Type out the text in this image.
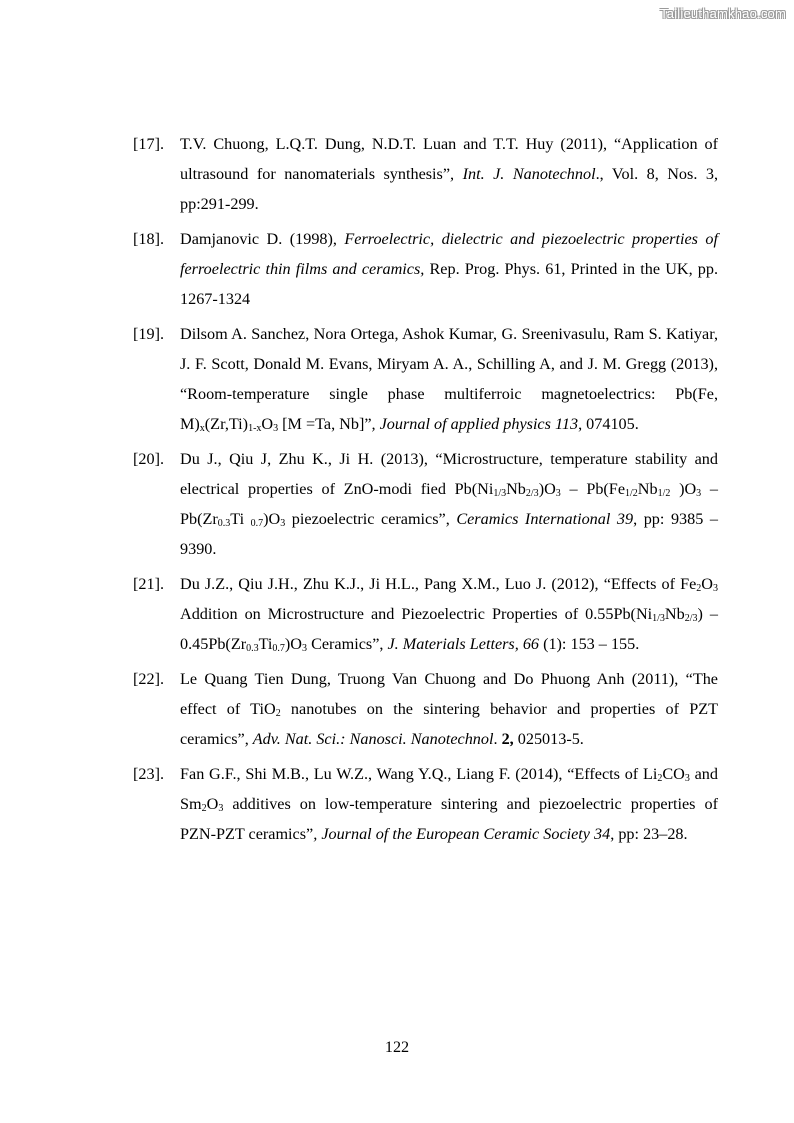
Tailieuthamkhao.com
[17]. T.V. Chuong, L.Q.T. Dung, N.D.T. Luan and T.T. Huy (2011), “Application of ultrasound for nanomaterials synthesis”, Int. J. Nanotechnol., Vol. 8, Nos. 3, pp:291-299.
[18]. Damjanovic D. (1998), Ferroelectric, dielectric and piezoelectric properties of ferroelectric thin films and ceramics, Rep. Prog. Phys. 61, Printed in the UK, pp. 1267-1324
[19]. Dilsom A. Sanchez, Nora Ortega, Ashok Kumar, G. Sreenivasulu, Ram S. Katiyar, J. F. Scott, Donald M. Evans, Miryam A. A., Schilling A, and J. M. Gregg (2013), “Room-temperature single phase multiferroic magnetoelectrics: Pb(Fe, $M)_x(Zr,Ti)_{1-x}O_3$ [M =Ta, Nb]”, Journal of applied physics 113, 074105.
[20]. Du J., Qiu J, Zhu K., Ji H. (2013), “Microstructure, temperature stability and electrical properties of ZnO-modi fied $Pb(Ni_{1/3}Nb_{2/3})O_3 - Pb(Fe_{1/2}Nb_{1/2}$ )$O_3 - Pb(Zr_{0.3}Ti$ $_{0.7})O_3$ piezoelectric ceramics”, Ceramics International 39, pp: 9385 – 9390.
[21]. Du J.Z., Qiu J.H., Zhu K.J., Ji H.L., Pang X.M., Luo J. (2012), “Effects of $Fe_2O_3$ Addition on Microstructure and Piezoelectric Properties of $0.55Pb(Ni_{1/3}Nb_{2/3}) - 0.45Pb(Zr_{0.3}Ti_{0.7})O_3$ Ceramics”, J. Materials Letters, 66 (1): 153 – 155.
[22]. Le Quang Tien Dung, Truong Van Chuong and Do Phuong Anh (2011), “The effect of TiO$_2$ nanotubes on the sintering behavior and properties of PZT ceramics”, Adv. Nat. Sci.: Nanosci. Nanotechnol. 2, 025013-5.
[23]. Fan G.F., Shi M.B., Lu W.Z., Wang Y.Q., Liang F. (2014), “Effects of $Li_2CO_3$ and $Sm_2O_3$ additives on low-temperature sintering and piezoelectric properties of PZN-PZT ceramics”, Journal of the European Ceramic Society 34, pp: 23–28.
122
